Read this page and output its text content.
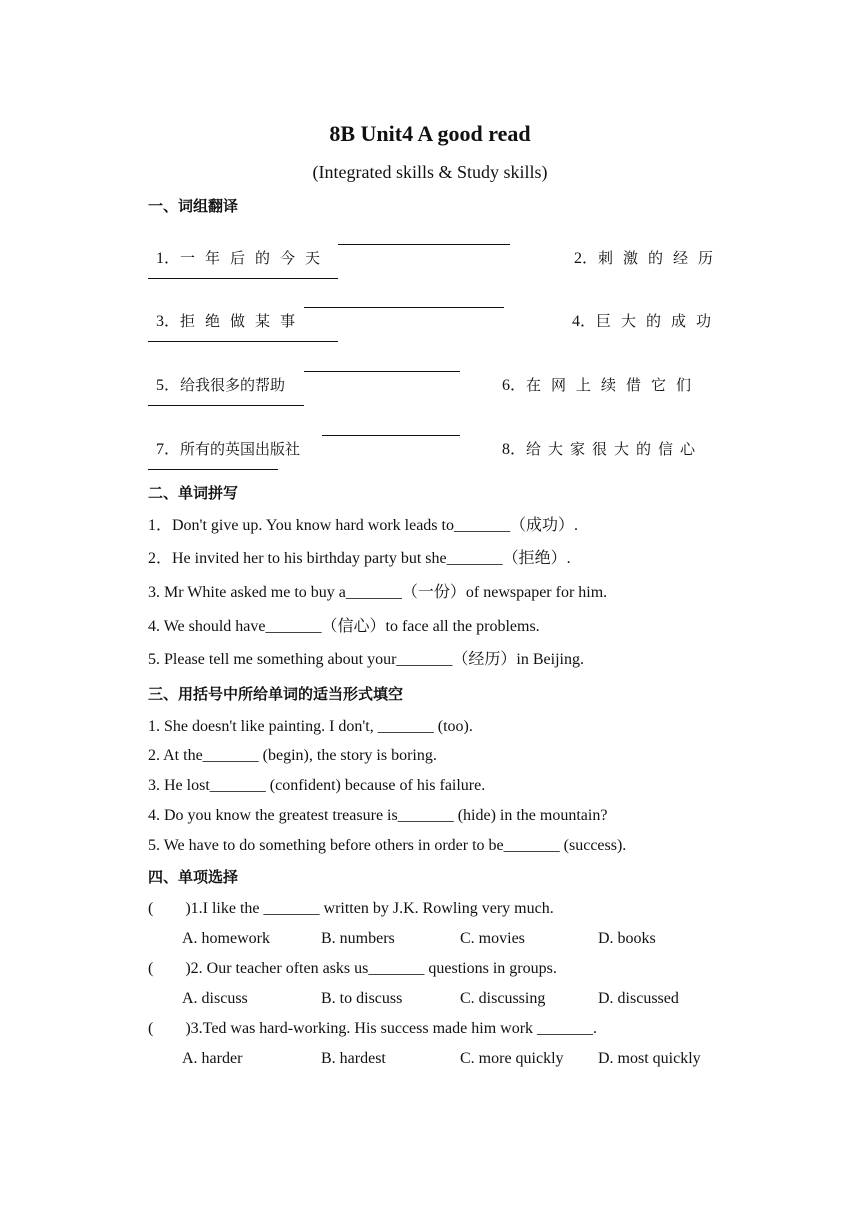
8B Unit4 A good read
(Integrated skills & Study skills)
一、词组翻译

1．一年后的今天	2．刺激的经历

3．拒绝做某事	4．巨大的成功

5．给我很多的帮助	6．在网上续借它们

7．所有的英国出版社	8．给大家很大的信心

二、单词拼写
1．Don't give up. You know hard work leads to_______（成功）.
2．He invited her to his birthday party but she_______（拒绝）.
3. Mr White asked me to buy a_______（一份）of newspaper for him.
4. We should have_______（信心）to face all the problems.
5. Please tell me something about your_______（经历）in Beijing.
三、用括号中所给单词的适当形式填空
1. She doesn't like painting. I don't, _______ (too).
2. At the_______ (begin), the story is boring.
3. He lost_______ (confident) because of his failure.
4. Do you know the greatest treasure is_______ (hide) in the mountain?
5. We have to do something before others in order to be_______ (success).
四、单项选择
(        )1.I like the _______ written by J.K. Rowling very much.
A. homework	B. numbers	C. movies	D. books
(        )2. Our teacher often asks us_______ questions in groups.
A. discuss	B. to discuss	C. discussing	D. discussed
(        )3.Ted was hard-working. His success made him work _______.
A. harder	B. hardest	C. more quickly D. most quickly
